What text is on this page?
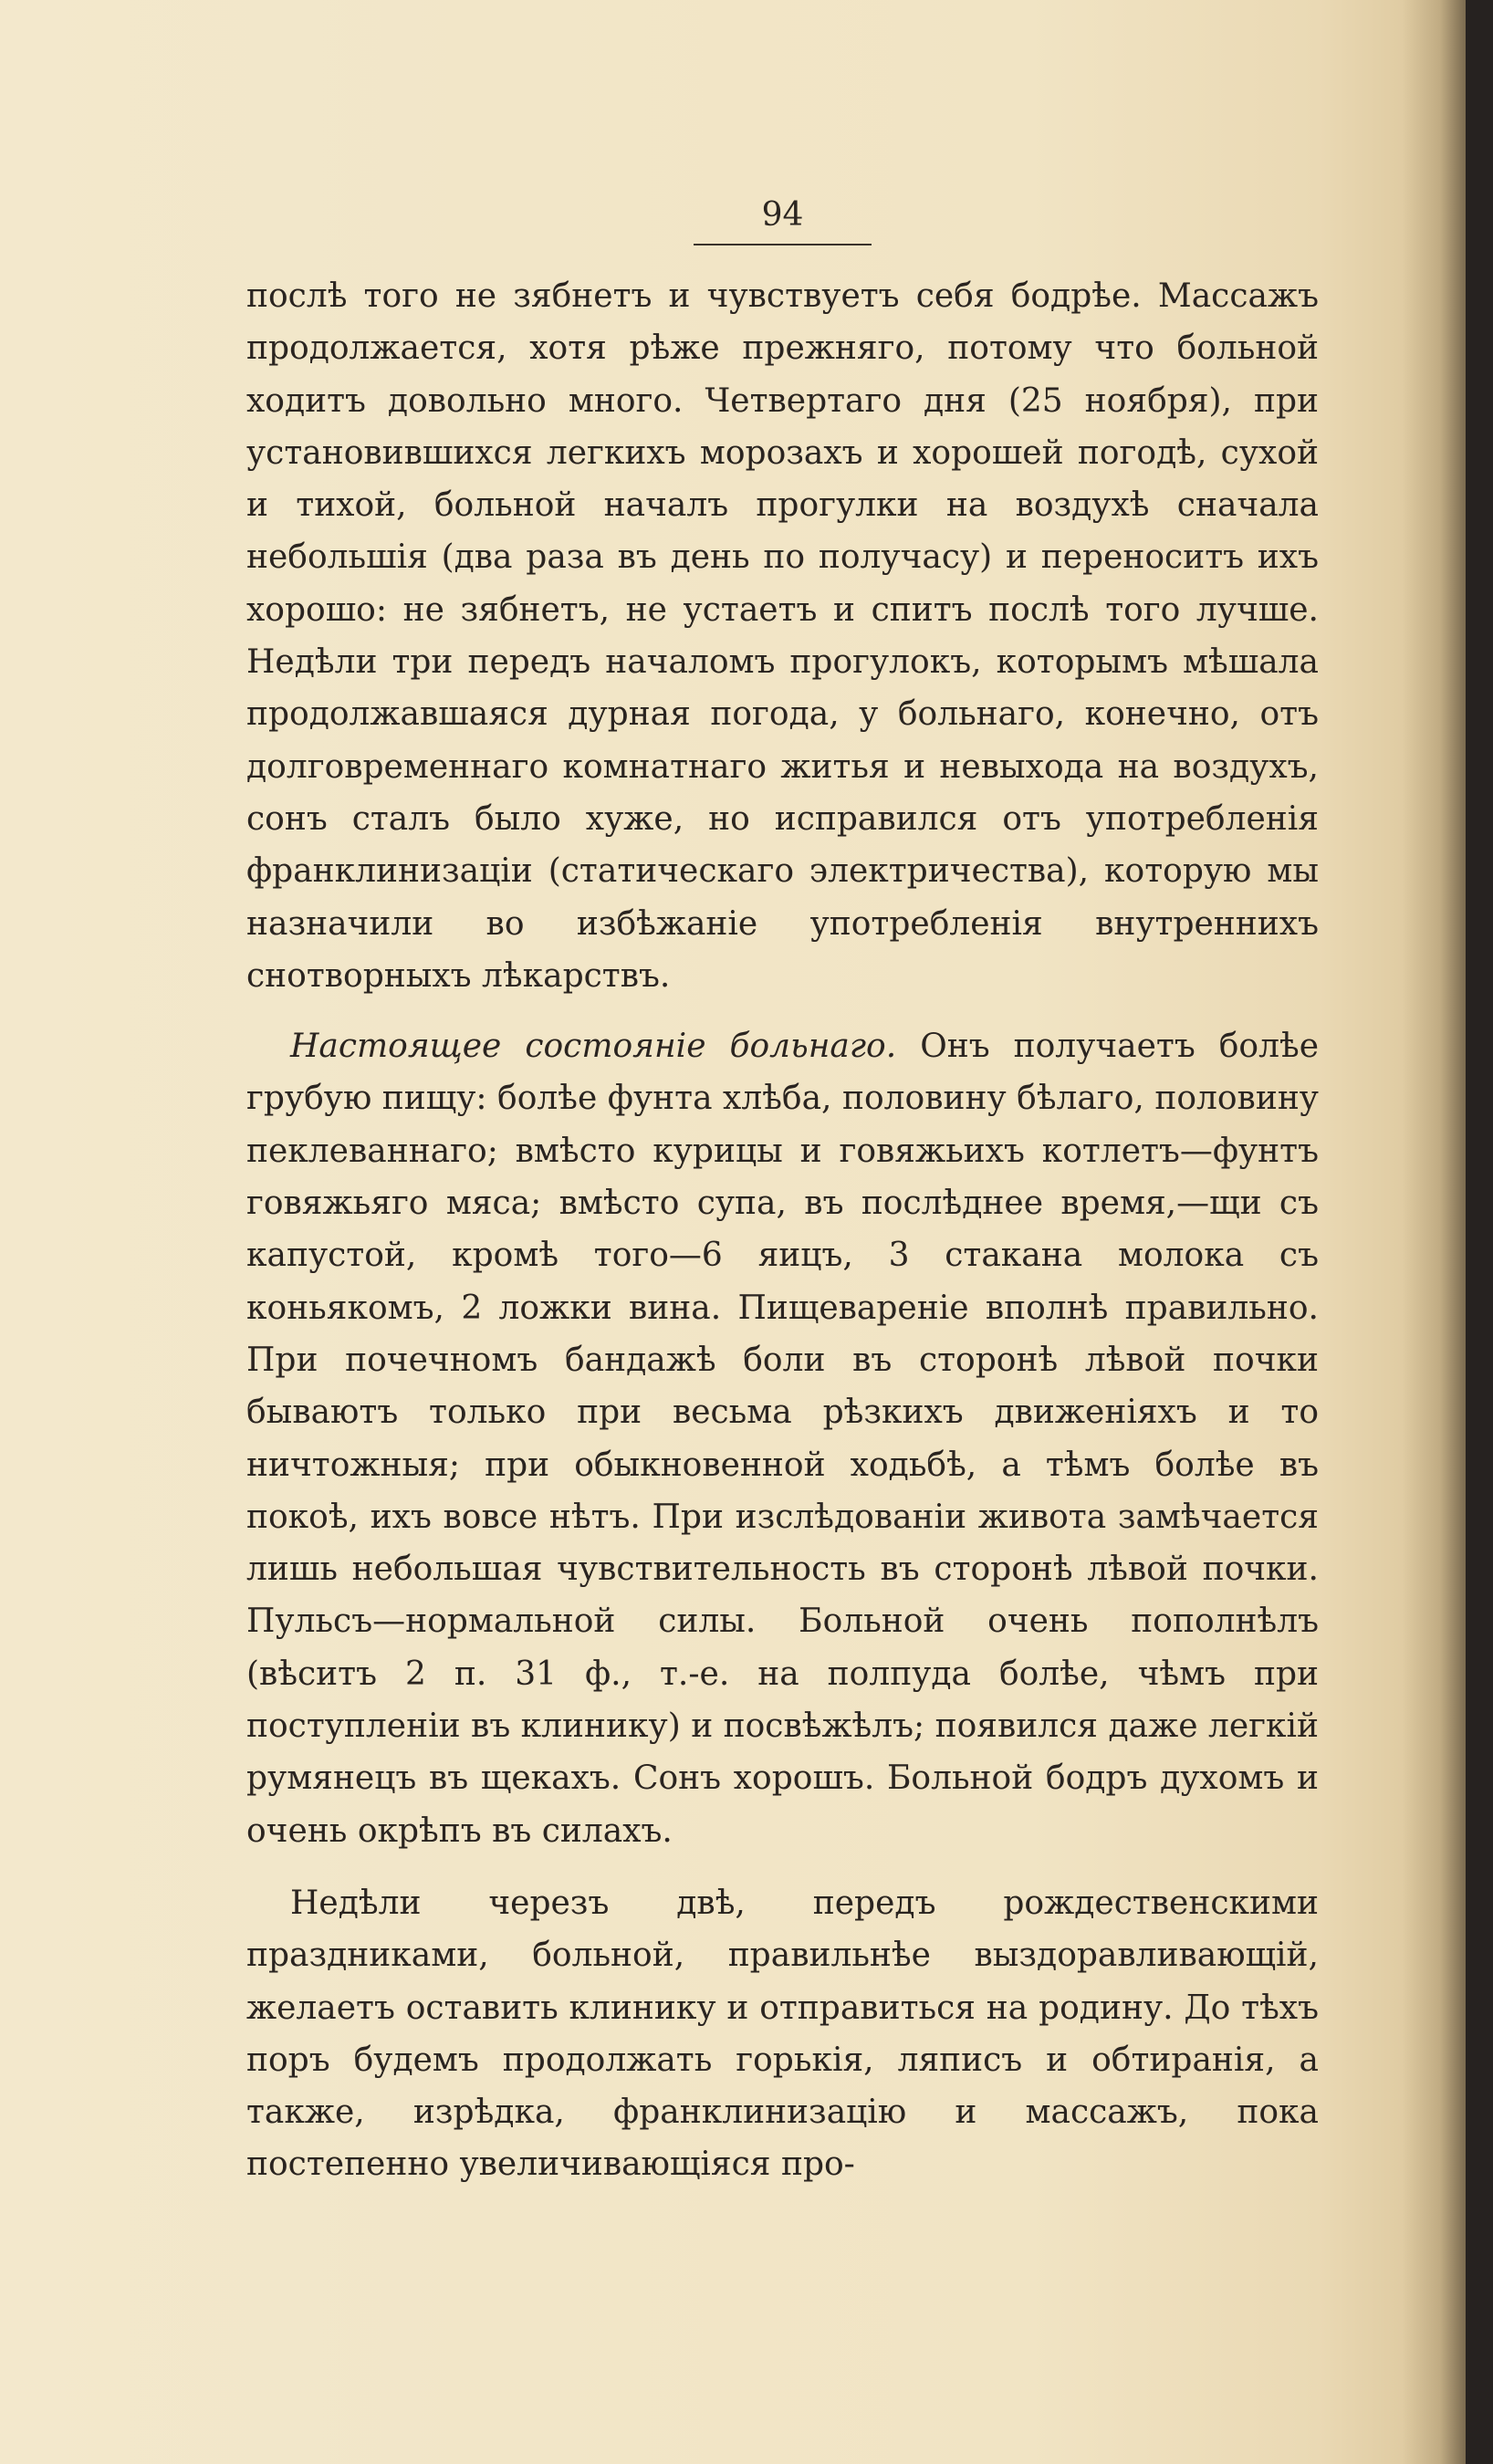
94

послѣ того не зябнетъ и чувствуетъ себя бодрѣе. Массажъ продолжается, хотя рѣже прежняго, потому что больной ходитъ довольно много. Четвертаго дня (25 ноября), при установившихся легкихъ морозахъ и хорошей погодѣ, сухой и тихой, больной началъ прогулки на воздухѣ сначала небольшія (два раза въ день по получасу) и переноситъ ихъ хорошо: не зябнетъ, не устаетъ и спитъ послѣ того лучше. Недѣли три передъ началомъ прогулокъ, которымъ мѣшала продолжавшаяся дурная погода, у больнаго, конечно, отъ долговременнаго комнатнаго житья и невыхода на воздухъ, сонъ сталъ было хуже, но исправился отъ употребленія франклинизаціи (статическаго электричества), которую мы назначили во избѣжаніе употребленія внутреннихъ снотворныхъ лѣкарствъ.

Настоящее состояніе больнаго. Онъ получаетъ болѣе грубую пищу: болѣе фунта хлѣба, половину бѣлаго, половину пеклеваннаго; вмѣсто курицы и говяжьихъ котлетъ—фунтъ говяжьяго мяса; вмѣсто супа, въ послѣднее время,—щи съ капустой, кромѣ того—6 яицъ, 3 стакана молока съ коньякомъ, 2 ложки вина. Пищевареніе вполнѣ правильно. При почечномъ бандажѣ боли въ сторонѣ лѣвой почки бываютъ только при весьма рѣзкихъ движеніяхъ и то ничтожныя; при обыкновенной ходьбѣ, а тѣмъ болѣе въ покоѣ, ихъ вовсе нѣтъ. При изслѣдованіи живота замѣчается лишь небольшая чувствительность въ сторонѣ лѣвой почки. Пульсъ—нормальной силы. Больной очень пополнѣлъ (вѣситъ 2 п. 31 ф., т.-е. на полпуда болѣе, чѣмъ при поступленіи въ клинику) и посвѣжѣлъ; появился даже легкій румянецъ въ щекахъ. Сонъ хорошъ. Больной бодръ духомъ и очень окрѣпъ въ силахъ.

Недѣли черезъ двѣ, передъ рождественскими праздниками, больной, правильнѣе выздоравливающій, желаетъ оставить клинику и отправиться на родину. До тѣхъ поръ будемъ продолжать горькія, ляписъ и обтиранія, а также, изрѣдка, франклинизацію и массажъ, пока постепенно увеличивающіяся про-
